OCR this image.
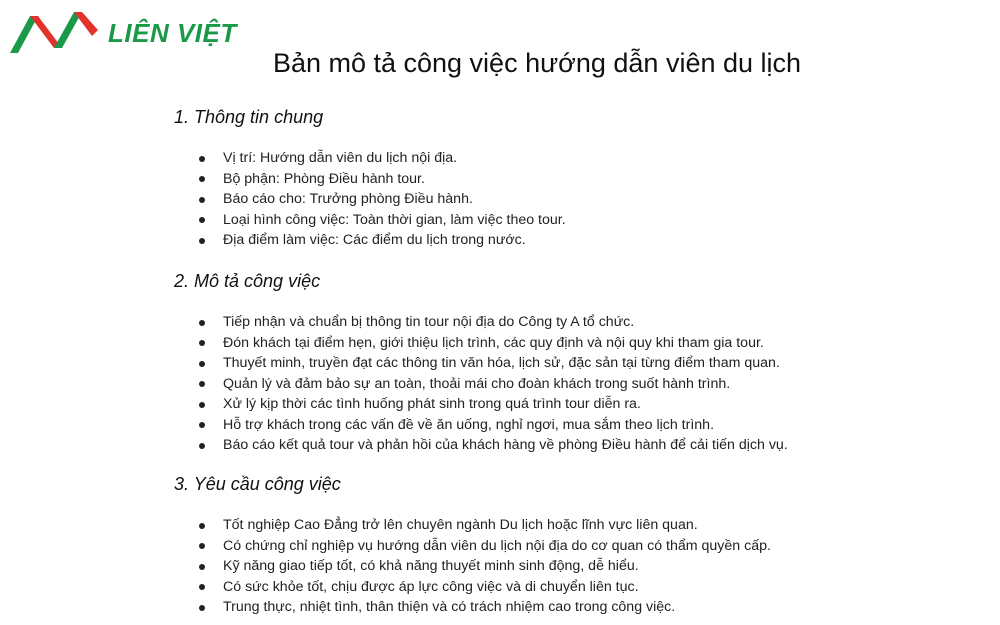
LIÊN VIỆT
Bản mô tả công việc hướng dẫn viên du lịch
1. Thông tin chung
Vị trí: Hướng dẫn viên du lịch nội địa.
Bộ phận: Phòng Điều hành tour.
Báo cáo cho: Trưởng phòng Điều hành.
Loại hình công việc: Toàn thời gian, làm việc theo tour.
Địa điểm làm việc: Các điểm du lịch trong nước.
2. Mô tả công việc
Tiếp nhận và chuẩn bị thông tin tour nội địa do Công ty A tổ chức.
Đón khách tại điểm hẹn, giới thiệu lịch trình, các quy định và nội quy khi tham gia tour.
Thuyết minh, truyền đạt các thông tin văn hóa, lịch sử, đặc sản tại từng điểm tham quan.
Quản lý và đảm bảo sự an toàn, thoải mái cho đoàn khách trong suốt hành trình.
Xử lý kịp thời các tình huống phát sinh trong quá trình tour diễn ra.
Hỗ trợ khách trong các vấn đề về ăn uống, nghỉ ngơi, mua sắm theo lịch trình.
Báo cáo kết quả tour và phản hồi của khách hàng về phòng Điều hành để cải tiến dịch vụ.
3. Yêu cầu công việc
Tốt nghiệp Cao Đẳng trở lên chuyên ngành Du lịch hoặc lĩnh vực liên quan.
Có chứng chỉ nghiệp vụ hướng dẫn viên du lịch nội địa do cơ quan có thẩm quyền cấp.
Kỹ năng giao tiếp tốt, có khả năng thuyết minh sinh động, dễ hiểu.
Có sức khỏe tốt, chịu được áp lực công việc và di chuyển liên tục.
Trung thực, nhiệt tình, thân thiện và có trách nhiệm cao trong công việc.
